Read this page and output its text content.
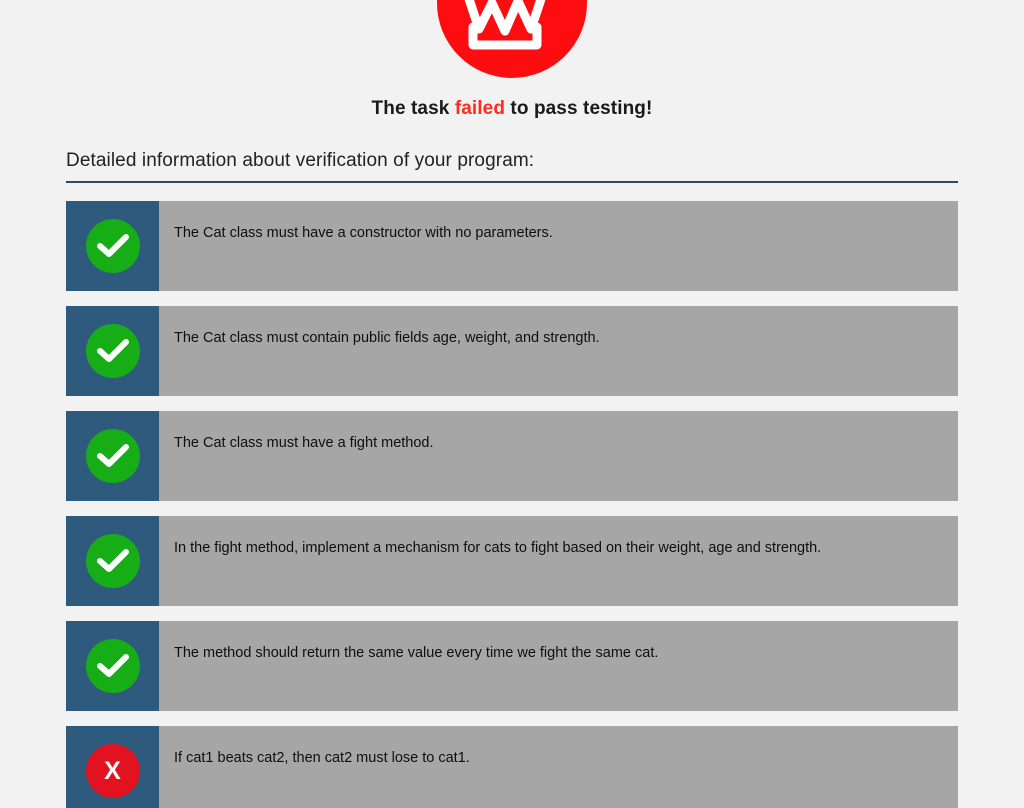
The task failed to pass testing!
Detailed information about verification of your program:
The Cat class must have a constructor with no parameters.
The Cat class must contain public fields age, weight, and strength.
The Cat class must have a fight method.
In the fight method, implement a mechanism for cats to fight based on their weight, age and strength.
The method should return the same value every time we fight the same cat.
X	If cat1 beats cat2, then cat2 must lose to cat1.
